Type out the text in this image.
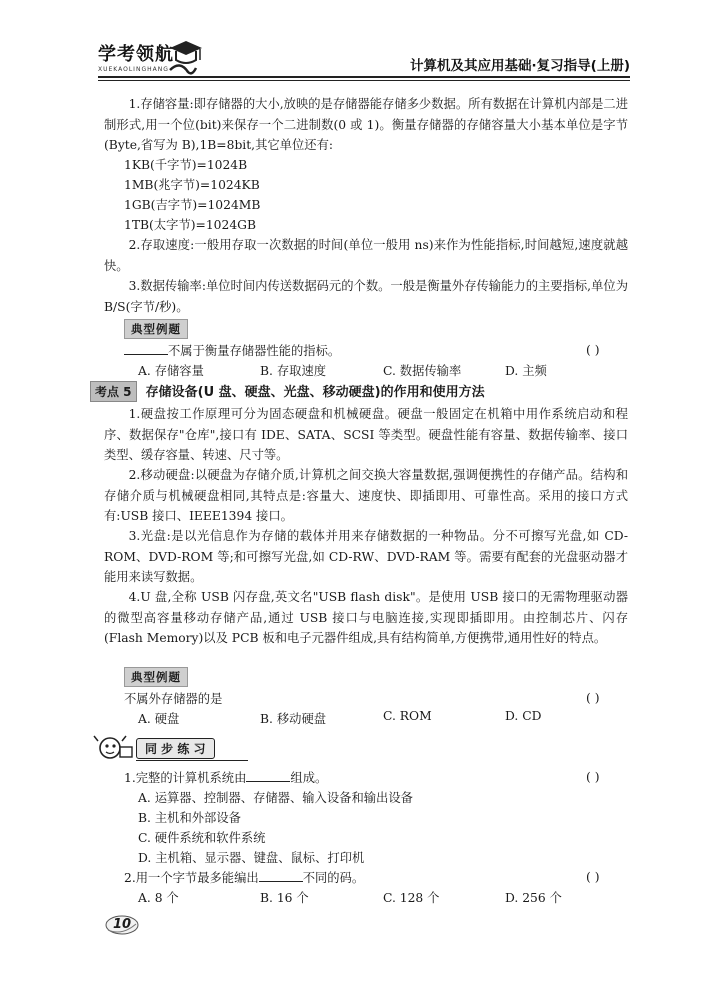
学考领航
XUEKAOLINGHANG	计算机及其应用基础·复习指导(上册)
1.存储容量:即存储器的大小,放映的是存储器能存储多少数据。所有数据在计算机内部是二进制形式,用一个位(bit)来保存一个二进制数(0 或 1)。衡量存储器的存储容量大小基本单位是字节(Byte,省写为 B),1B=8bit,其它单位还有:
1KB(千字节)=1024B
1MB(兆字节)=1024KB
1GB(吉字节)=1024MB
1TB(太字节)=1024GB
2.存取速度:一般用存取一次数据的时间(单位一般用 ns)来作为性能指标,时间越短,速度就越快。
3.数据传输率:单位时间内传送数据码元的个数。一般是衡量外存传输能力的主要指标,单位为 B/S(字节/秒)。
典型例题
不属于衡量存储器性能的指标。	( )
A. 存储容量	B. 存取速度	C. 数据传输率	D. 主频
考点 5 存储设备(U 盘、硬盘、光盘、移动硬盘)的作用和使用方法
1.硬盘按工作原理可分为固态硬盘和机械硬盘。硬盘一般固定在机箱中用作系统启动和程序、数据保存"仓库",接口有 IDE、SATA、SCSI 等类型。硬盘性能有容量、数据传输率、接口类型、缓存容量、转速、尺寸等。
2.移动硬盘:以硬盘为存储介质,计算机之间交换大容量数据,强调便携性的存储产品。结构和存储介质与机械硬盘相同,其特点是:容量大、速度快、即插即用、可靠性高。采用的接口方式有:USB 接口、IEEE1394 接口。
3.光盘:是以光信息作为存储的载体并用来存储数据的一种物品。分不可擦写光盘,如 CD-ROM、DVD-ROM 等;和可擦写光盘,如 CD-RW、DVD-RAM 等。需要有配套的光盘驱动器才能用来读写数据。
4.U 盘,全称 USB 闪存盘,英文名"USB flash disk"。是使用 USB 接口的无需物理驱动器的微型高容量移动存储产品,通过 USB 接口与电脑连接,实现即插即用。由控制芯片、闪存(Flash Memory)以及 PCB 板和电子元器件组成,具有结构简单,方便携带,通用性好的特点。
典型例题
不属外存储器的是	( )
A. 硬盘	B. 移动硬盘	C. ROM	D. CD
同 步 练 习
1.完整的计算机系统由	组成。	( )
A. 运算器、控制器、存储器、输入设备和输出设备
B. 主机和外部设备
C. 硬件系统和软件系统
D. 主机箱、显示器、键盘、鼠标、打印机
2.用一个字节最多能编出	不同的码。	( )
A. 8 个	B. 16 个	C. 128 个	D. 256 个
10
